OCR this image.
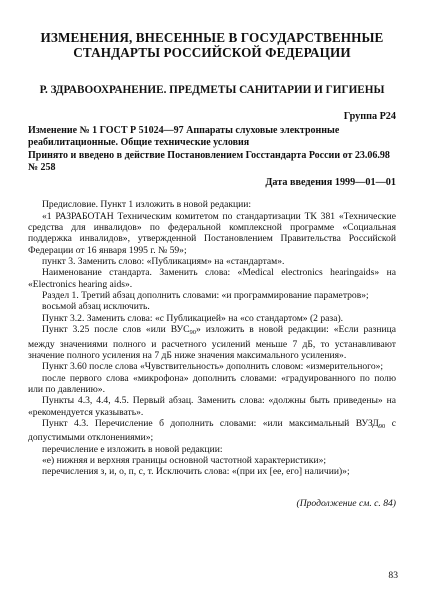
ИЗМЕНЕНИЯ, ВНЕСЕННЫЕ В ГОСУДАРСТВЕННЫЕ
СТАНДАРТЫ РОССИЙСКОЙ ФЕДЕРАЦИИ
Р. ЗДРАВООХРАНЕНИЕ. ПРЕДМЕТЫ САНИТАРИИ И ГИГИЕНЫ
Группа Р24
Изменение № 1 ГОСТ Р 51024—97 Аппараты слуховые электронные реабилитационные. Общие технические условия
Принято и введено в действие Постановлением Госстандарта России от 23.06.98 № 258
Дата введения 1999—01—01

Предисловие. Пункт 1 изложить в новой редакции:

«1 РАЗРАБОТАН Техническим комитетом по стандартизации ТК 381 «Технические средства для инвалидов» по федеральной комплексной программе «Социальная поддержка инвалидов», утвержденной Постановлением Правительства Российской Федерации от 16 января 1995 г. № 59»;

пункт 3. Заменить слово: «Публикациям» на «стандартам».

Наименование стандарта. Заменить слова: «Medical electronics hearingaids» на «Electronics hearing aids».

Раздел 1. Третий абзац дополнить словами: «и программирование параметров»;

восьмой абзац исключить.

Пункт 3.2. Заменить слова: «с Публикацией» на «со стандартом» (2 раза).

Пункт 3.25 после слов «или $ВУС_{90}$» изложить в новой редакции: «Если разница между значениями полного и расчетного усилений меньше 7 дБ, то устанавливают значение полного усиления на 7 дБ ниже значения максимального усиления».

Пункт 3.60 после слова «Чувствительность» дополнить словом: «измерительного»;

после первого слова «микрофона» дополнить словами: «градуированного по полю или по давлению».

Пункты 4.3, 4.4, 4.5. Первый абзац. Заменить слова: «должны быть приведены» на «рекомендуется указывать».

Пункт 4.3. Перечисление б дополнить словами: «или максимальный $ВУЗД_{90}$ с допустимыми отклонениями»;

перечисление е изложить в новой редакции:

«е) нижняя и верхняя границы основной частотной характеристики»;

перечисления з, и, о, п, с, т. Исключить слова: «(при их [ее, его] наличии)»;

(Продолжение см. с. 84)
83
